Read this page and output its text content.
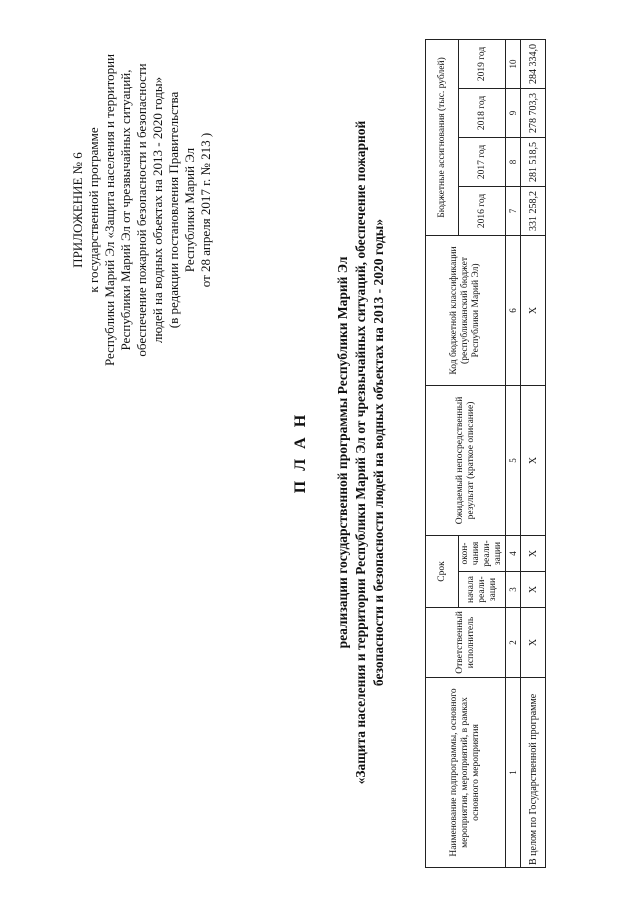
ПРИЛОЖЕНИЕ № 6 к государственной программе Республики Марий Эл «Защита населения и территории Республики Марий Эл от чрезвычайных ситуаций, обеспечение пожарной безопасности и безопасности людей на водных объектах на 2013 - 2020 годы» (в редакции постановления Правительства Республики Марий Эл от 28 апреля 2017 г. № 213 )
П Л А Н реализации государственной программы Республики Марий Эл «Защита населения и территории Республики Марий Эл от чрезвычайных ситуаций, обеспечение пожарной безопасности и безопасности людей на водных объектах на 2013 - 2020 годы»
Наименование подпрограммы, основного мероприятия, мероприятий, в рамках основного мероприятия	Ответственный исполнитель	Срок		Ожидаемый непосредственный результат (краткое описание)	Код бюджетной классификации (республиканский бюджет Республики Марий Эл)	Бюджетные ассигнования (тыс. рублей)			
		начала реали-зации	окон-чания реали-зации			2016 год	2017 год	2018 год	2019 год
1	2	3	4	5	6	7	8	9	10
В целом по Государственной программе	Х	Х	Х	Х	Х	331 258,2	281 518,5	278 703,3	284 334,0
